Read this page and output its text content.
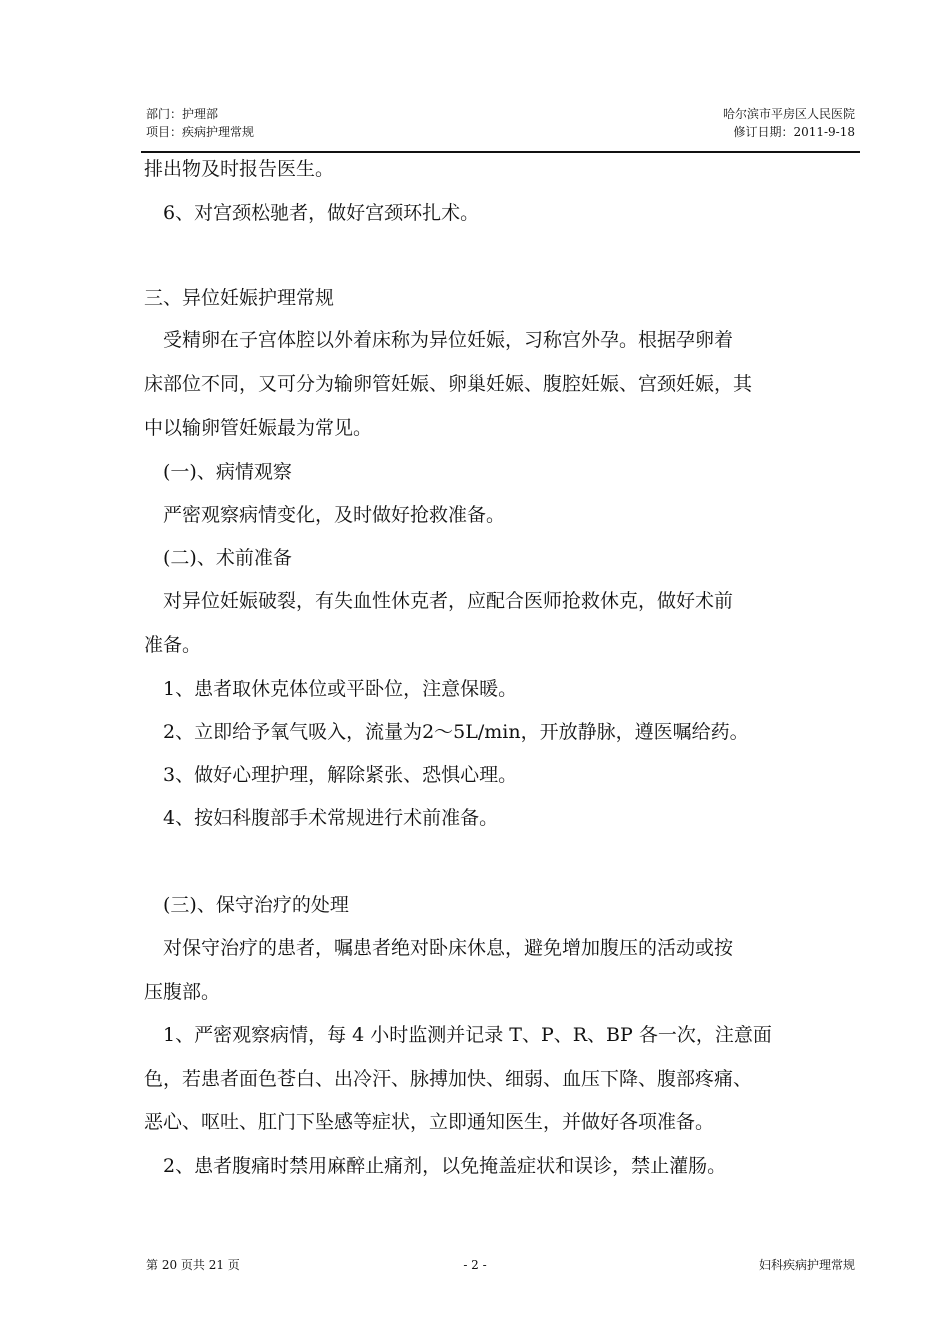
部门：护理部
项目：疾病护理常规
哈尔滨市平房区人民医院
修订日期：2011-9-18
排出物及时报告医生。
　6、对宫颈松驰者，做好宫颈环扎术。
三、异位妊娠护理常规
　受精卵在子宫体腔以外着床称为异位妊娠，习称宫外孕。根据孕卵着
床部位不同，又可分为输卵管妊娠、卵巢妊娠、腹腔妊娠、宫颈妊娠，其
中以输卵管妊娠最为常见。
　(一)、病情观察
　严密观察病情变化，及时做好抢救准备。
　(二)、术前准备
　对异位妊娠破裂，有失血性休克者，应配合医师抢救休克，做好术前
准备。
　1、患者取休克体位或平卧位，注意保暖。
　2、立即给予氧气吸入，流量为2～5L/min，开放静脉，遵医嘱给药。
　3、做好心理护理，解除紧张、恐惧心理。
　4、按妇科腹部手术常规进行术前准备。
　(三)、保守治疗的处理
　对保守治疗的患者，嘱患者绝对卧床休息，避免增加腹压的活动或按
压腹部。
　1、严密观察病情，每 4 小时监测并记录 T、P、R、BP 各一次，注意面
色，若患者面色苍白、出冷汗、脉搏加快、细弱、血压下降、腹部疼痛、
恶心、呕吐、肛门下坠感等症状，立即通知医生，并做好各项准备。
　2、患者腹痛时禁用麻醉止痛剂，以免掩盖症状和误诊，禁止灌肠。
第 20 页共 21 页	- 2 -	妇科疾病护理常规
